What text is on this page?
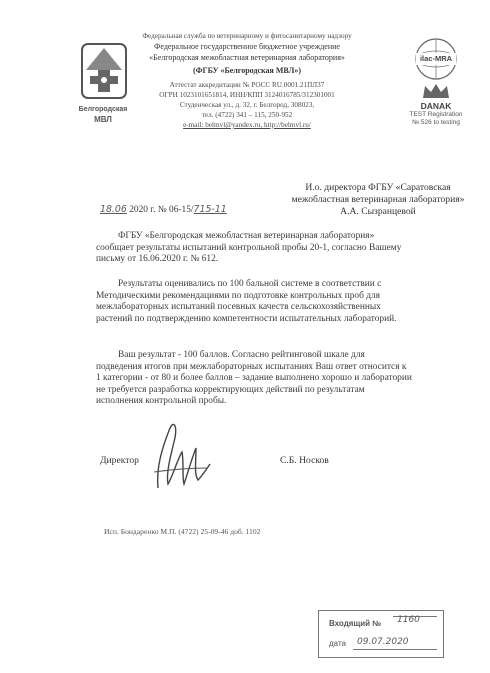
Белгородская
МВЛ
Федеральная служба по ветеринарному и фитосанитарному надзору
Федеральное государственное бюджетное учреждение
«Белгородская межобластная ветеринарная лаборатория»
(ФГБУ «Белгородская МВЛ»)
Аттестат аккредитации № РОСС RU.0001.21ПЛ37
ОГРН 1023101651814, ИНН/КПП 3124016785/312301001
Студенческая ул., д. 32, г. Белгород, 308023,
тел. (4722) 341 – 115, 250-952
e-mail: belmvl@yandex.ru, http://belmvl.ru/
ilac-MRA
DANAK
TEST Registration
№ 526 to testing
И.о. директора ФГБУ «Саратовская
межобластная ветеринарная лаборатория»
А.А. Сызранцевой
18.06 2020 г. № 06-15/715-11
ФГБУ «Белгородская межобластная ветеринарная лаборатория»
сообщает результаты испытаний контрольной пробы 20-1, согласно Вашему
письму от 16.06.2020 г. № 612.
Результаты оценивались по 100 бальной системе в соответствии с
Методическими рекомендациями по подготовке контрольных проб для
межлабораторных испытаний посевных качеств сельскохозяйственных
растений по подтверждению компетентности испытательных лабораторий.
Ваш результат - 100 баллов. Согласно рейтинговой шкале для
подведения итогов при межлабораторных испытаниях Ваш ответ относится к
1 категории - от 80 и более баллов – задание выполнено хорошо и лаборатории
не требуется разработка корректирующих действий по результатам
исполнения контрольной пробы.
Директор	С.Б. Носков
Исп. Бондаренко М.П. (4722) 25-09-46 доб. 1102
Входящий № 1160
дата 09.07.2020
